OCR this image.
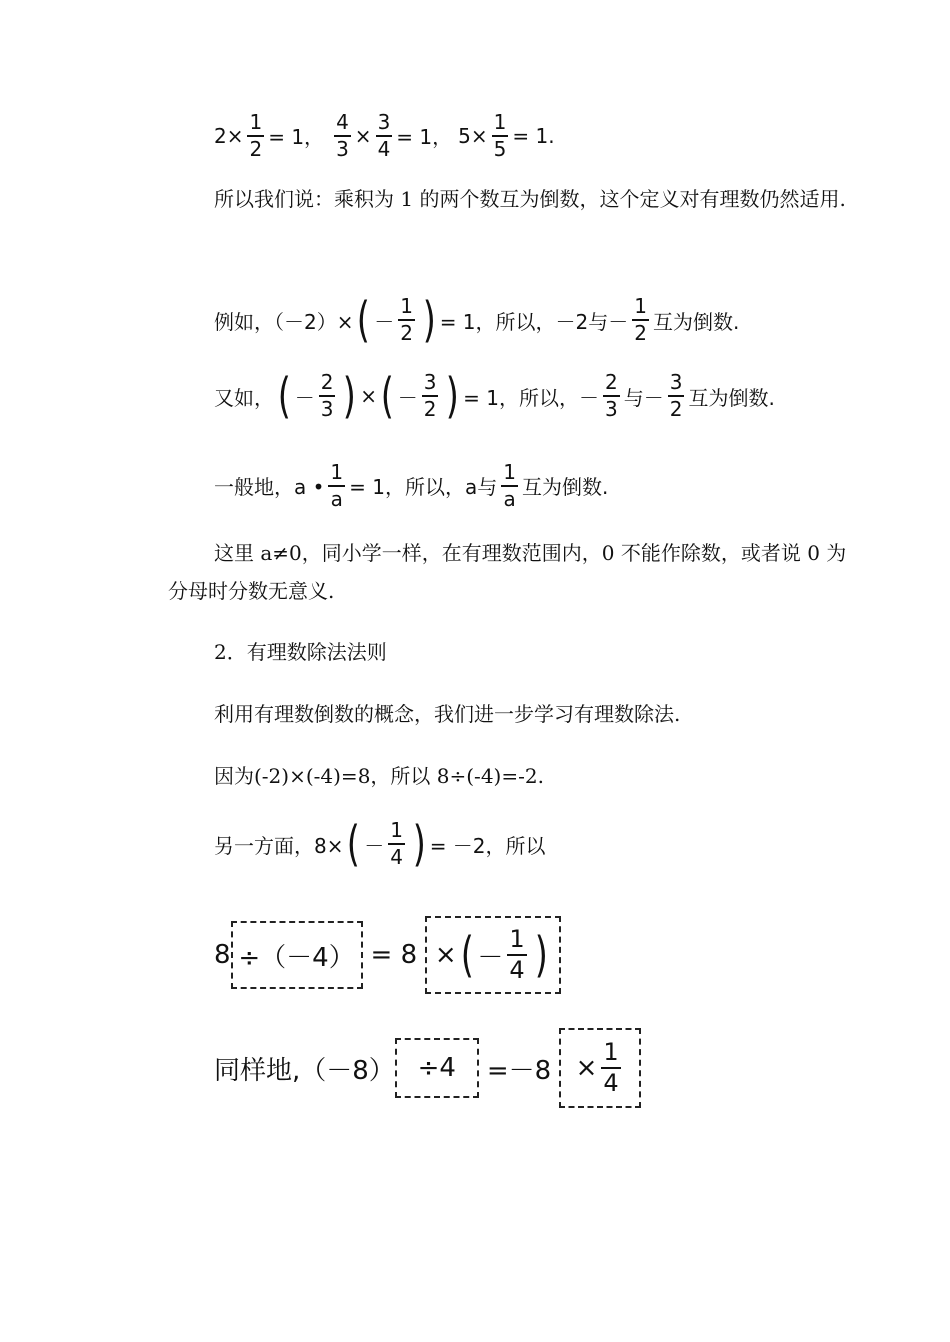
$2\times \frac{1}{2} = 1$， $\frac{4}{3} \times \frac{3}{4} = 1$， $5\times \frac{1}{5} = 1$.

所以我们说：乘积为 1 的两个数互为倒数，这个定义对有理数仍然适用.

例如，（－2）× ( － $\frac{1}{2}$ ) = 1，所以，－2与－ $\frac{1}{2}$ 互为倒数.
又如， ( － $\frac{2}{3}$ ) × ( － $\frac{3}{2}$ ) = 1，所以，－ $\frac{2}{3}$ 与－ $\frac{3}{2}$ 互为倒数.
一般地，a • $\frac{1}{a} = 1$，所以，a与 $\frac{1}{a}$ 互为倒数.

这里 a≠0，同小学一样，在有理数范围内，0 不能作除数，或者说 0 为分母时分数无意义.

2．有理数除法法则
利用有理数倒数的概念，我们进一步学习有理数除法.
因为(-2)×(-4)=8，所以 8÷(-4)=-2.
另一方面，8× ( － $\frac{1}{4}$ ) = －2，所以
8 ÷（－4） = 8 × ( － $\frac{1}{4}$ )
同样地$,(-8) \div 4 =-8 \times \frac{1}{4}$
